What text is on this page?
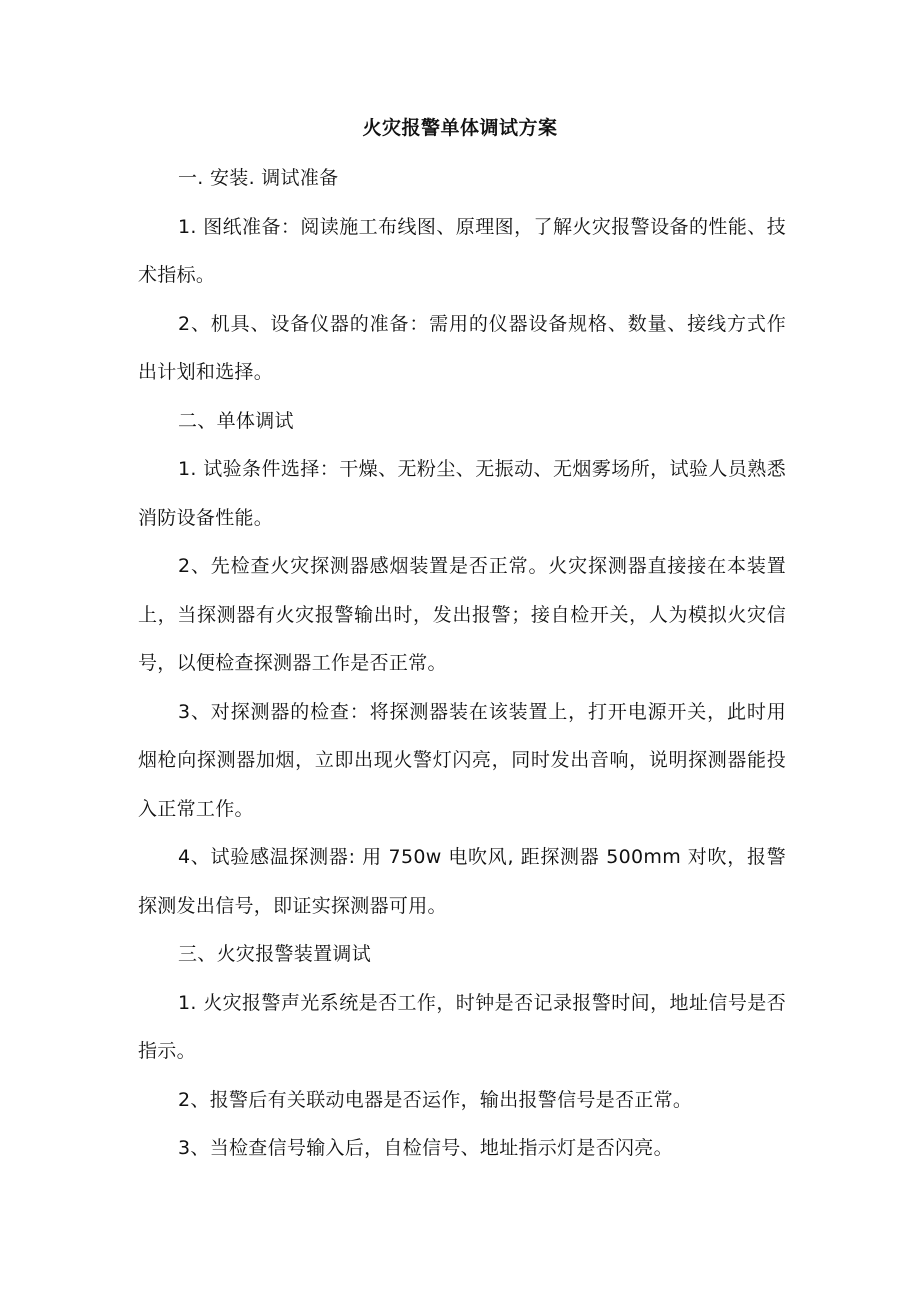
火灾报警单体调试方案

一. 安装. 调试准备

1. 图纸准备：阅读施工布线图、原理图，了解火灾报警设备的性能、技术指标。

2、机具、设备仪器的准备：需用的仪器设备规格、数量、接线方式作出计划和选择。

二、单体调试

1. 试验条件选择：干燥、无粉尘、无振动、无烟雾场所，试验人员熟悉消防设备性能。

2、先检查火灾探测器感烟装置是否正常。火灾探测器直接接在本装置上，当探测器有火灾报警输出时，发出报警；接自检开关，人为模拟火灾信号，以便检查探测器工作是否正常。

3、对探测器的检查：将探测器装在该装置上，打开电源开关，此时用烟枪向探测器加烟，立即出现火警灯闪亮，同时发出音响，说明探测器能投入正常工作。

4、试验感温探测器: 用 750w 电吹风, 距探测器 500mm 对吹，报警探测发出信号，即证实探测器可用。

三、火灾报警装置调试

1. 火灾报警声光系统是否工作，时钟是否记录报警时间，地址信号是否指示。

2、报警后有关联动电器是否运作，输出报警信号是否正常。

3、当检查信号输入后，自检信号、地址指示灯是否闪亮。
